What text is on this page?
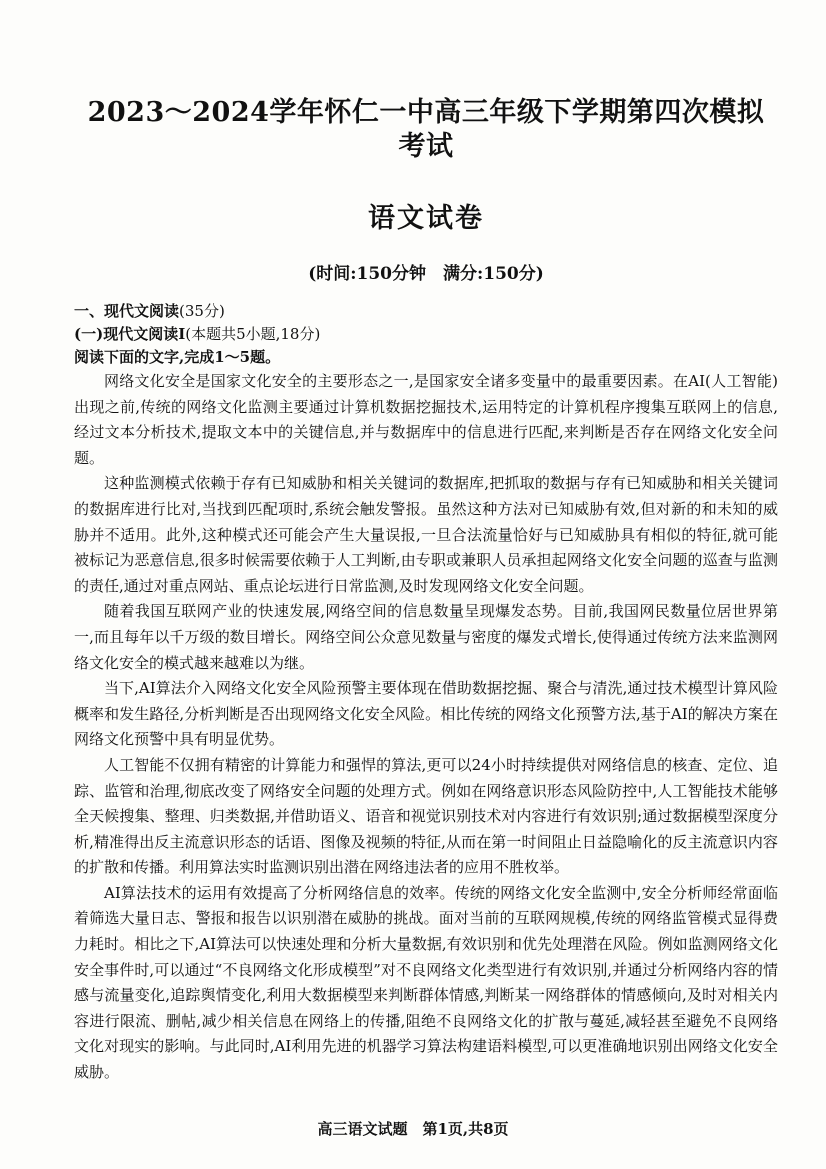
2023～2024学年怀仁一中高三年级下学期第四次模拟考试
语文试卷
(时间:150分钟　满分:150分)

一、现代文阅读(35分)

(一)现代文阅读Ⅰ(本题共5小题,18分)

阅读下面的文字,完成1～5题。

网络文化安全是国家文化安全的主要形态之一,是国家安全诸多变量中的最重要因素。在AI(人工智能)出现之前,传统的网络文化监测主要通过计算机数据挖掘技术,运用特定的计算机程序搜集互联网上的信息,经过文本分析技术,提取文本中的关键信息,并与数据库中的信息进行匹配,来判断是否存在网络文化安全问题。

这种监测模式依赖于存有已知威胁和相关关键词的数据库,把抓取的数据与存有已知威胁和相关关键词的数据库进行比对,当找到匹配项时,系统会触发警报。虽然这种方法对已知威胁有效,但对新的和未知的威胁并不适用。此外,这种模式还可能会产生大量误报,一旦合法流量恰好与已知威胁具有相似的特征,就可能被标记为恶意信息,很多时候需要依赖于人工判断,由专职或兼职人员承担起网络文化安全问题的巡查与监测的责任,通过对重点网站、重点论坛进行日常监测,及时发现网络文化安全问题。

随着我国互联网产业的快速发展,网络空间的信息数量呈现爆发态势。目前,我国网民数量位居世界第一,而且每年以千万级的数目增长。网络空间公众意见数量与密度的爆发式增长,使得通过传统方法来监测网络文化安全的模式越来越难以为继。

当下,AI算法介入网络文化安全风险预警主要体现在借助数据挖掘、聚合与清洗,通过技术模型计算风险概率和发生路径,分析判断是否出现网络文化安全风险。相比传统的网络文化预警方法,基于AI的解决方案在网络文化预警中具有明显优势。

人工智能不仅拥有精密的计算能力和强悍的算法,更可以24小时持续提供对网络信息的核查、定位、追踪、监管和治理,彻底改变了网络安全问题的处理方式。例如在网络意识形态风险防控中,人工智能技术能够全天候搜集、整理、归类数据,并借助语义、语音和视觉识别技术对内容进行有效识别;通过数据模型深度分析,精准得出反主流意识形态的话语、图像及视频的特征,从而在第一时间阻止日益隐喻化的反主流意识内容的扩散和传播。利用算法实时监测识别出潜在网络违法者的应用不胜枚举。

AI算法技术的运用有效提高了分析网络信息的效率。传统的网络文化安全监测中,安全分析师经常面临着筛选大量日志、警报和报告以识别潜在威胁的挑战。面对当前的互联网规模,传统的网络监管模式显得费力耗时。相比之下,AI算法可以快速处理和分析大量数据,有效识别和优先处理潜在风险。例如监测网络文化安全事件时,可以通过“不良网络文化形成模型”对不良网络文化类型进行有效识别,并通过分析网络内容的情感与流量变化,追踪舆情变化,利用大数据模型来判断群体情感,判断某一网络群体的情感倾向,及时对相关内容进行限流、删帖,减少相关信息在网络上的传播,阻绝不良网络文化的扩散与蔓延,减轻甚至避免不良网络文化对现实的影响。与此同时,AI利用先进的机器学习算法构建语料模型,可以更准确地识别出网络文化安全威胁。

高三语文试题　第1页,共8页
